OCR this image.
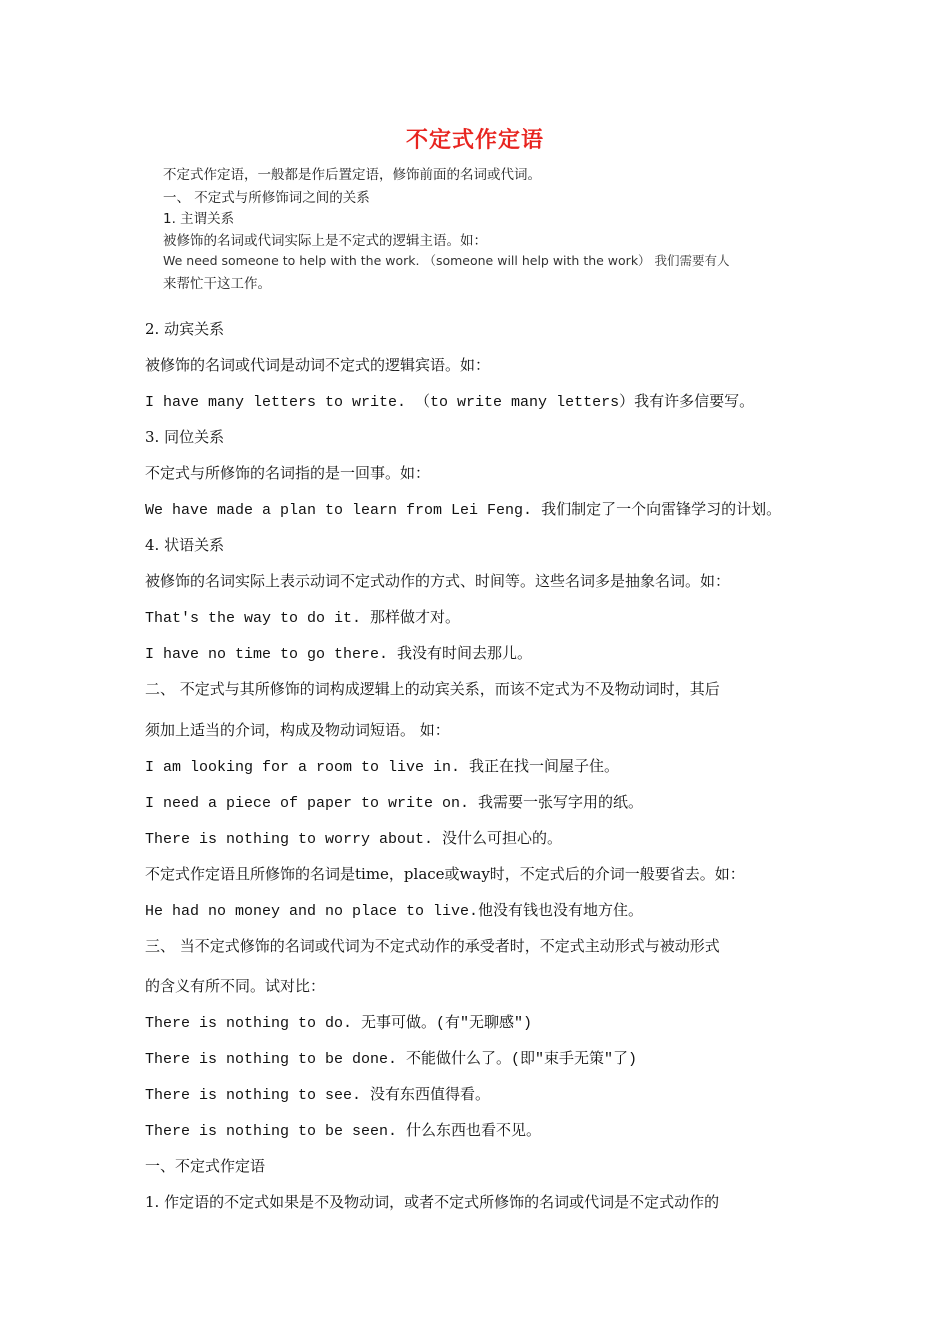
不定式作定语
不定式作定语，一般都是作后置定语，修饰前面的名词或代词。
一、 不定式与所修饰词之间的关系
1. 主谓关系
被修饰的名词或代词实际上是不定式的逻辑主语。如：
We need someone to help with the work. （someone will help with the work） 我们需要有人
来帮忙干这工作。
2. 动宾关系
被修饰的名词或代词是动词不定式的逻辑宾语。如：
I have many letters to write. （to write many letters）我有许多信要写。
3. 同位关系
不定式与所修饰的名词指的是一回事。如：
We have made a plan to learn from Lei Feng. 我们制定了一个向雷锋学习的计划。
4. 状语关系
被修饰的名词实际上表示动词不定式动作的方式、时间等。这些名词多是抽象名词。如：
That's the way to do it. 那样做才对。
I have no time to go there. 我没有时间去那儿。
二、 不定式与其所修饰的词构成逻辑上的动宾关系，而该不定式为不及物动词时，其后
须加上适当的介词，构成及物动词短语。 如：
I am looking for a room to live in. 我正在找一间屋子住。
I need a piece of paper to write on. 我需要一张写字用的纸。
There is nothing to worry about. 没什么可担心的。
不定式作定语且所修饰的名词是time，place或way时，不定式后的介词一般要省去。如：
He had no money and no place to live.他没有钱也没有地方住。
三、 当不定式修饰的名词或代词为不定式动作的承受者时，不定式主动形式与被动形式
的含义有所不同。试对比：
There is nothing to do. 无事可做。(有"无聊感")
There is nothing to be done. 不能做什么了。(即"束手无策"了)
There is nothing to see. 没有东西值得看。
There is nothing to be seen. 什么东西也看不见。
一、不定式作定语
1. 作定语的不定式如果是不及物动词，或者不定式所修饰的名词或代词是不定式动作的
